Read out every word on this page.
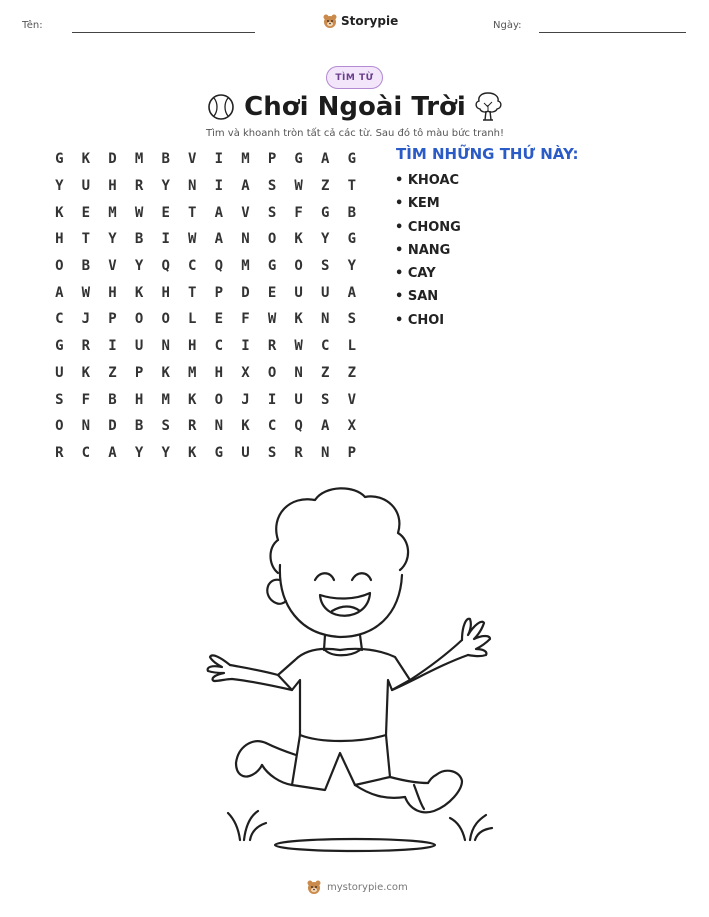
Tên:	Storypie	Ngày:
TÌM TỪ
Chơi Ngoài Trời
Tìm và khoanh tròn tất cả các từ. Sau đó tô màu bức tranh!
G	K	D	M	B	V	I	M	P	G	A	G
Y	U	H	R	Y	N	I	A	S	W	Z	T
K	E	M	W	E	T	A	V	S	F	G	B
H	T	Y	B	I	W	A	N	O	K	Y	G
O	B	V	Y	Q	C	Q	M	G	O	S	Y
A	W	H	K	H	T	P	D	E	U	U	A
C	J	P	O	O	L	E	F	W	K	N	S
G	R	I	U	N	H	C	I	R	W	C	L
U	K	Z	P	K	M	H	X	O	N	Z	Z
S	F	B	H	M	K	O	J	I	U	S	V
O	N	D	B	S	R	N	K	C	Q	A	X
R	C	A	Y	Y	K	G	U	S	R	N	P
TÌM NHỮNG THỨ NÀY:
• KHOAC
• KEM
• CHONG
• NANG
• CAY
• SAN
• CHOI
mystorypie.com
